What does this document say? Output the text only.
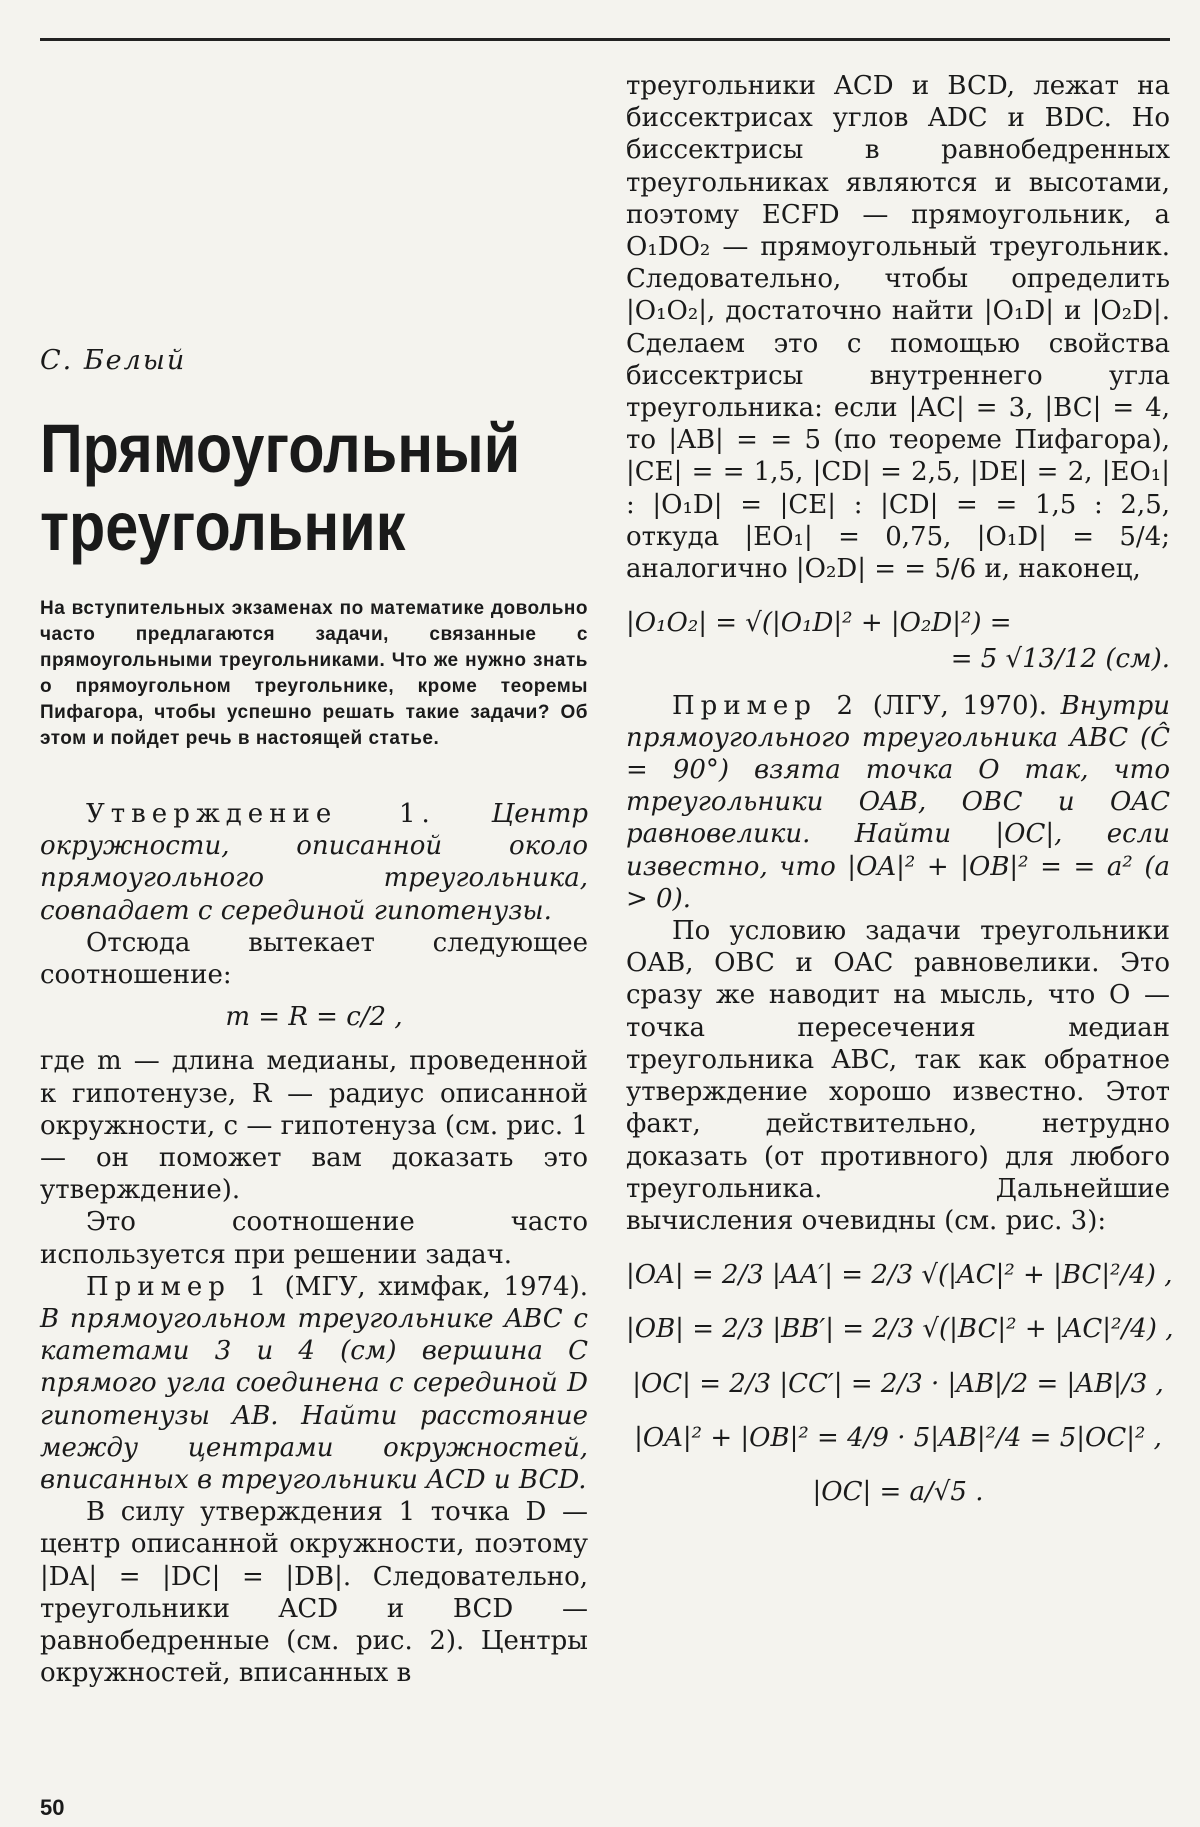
С. Белый
Прямоугольный
треугольник
На вступительных экзаменах по математике довольно часто предлагаются задачи, связанные с прямоугольными треугольниками. Что же нужно знать о прямоугольном треугольнике, кроме теоремы Пифагора, чтобы успешно решать такие задачи? Об этом и пойдет речь в настоящей статье.

Утверждение 1. Центр окружности, описанной около прямоугольного треугольника, совпадает с серединой гипотенузы.

Отсюда вытекает следующее соотношение:

m = R = c/2 ,

где m — длина медианы, проведенной к гипотенузе, R — радиус описанной окружности, c — гипотенуза (см. рис. 1 — он поможет вам доказать это утверждение).

Это соотношение часто используется при решении задач.

Пример 1 (МГУ, химфак, 1974). В прямоугольном треугольнике ABC с катетами 3 и 4 (см) вершина C прямого угла соединена с серединой D гипотенузы AB. Найти расстояние между центрами окружностей, вписанных в треугольники ACD и BCD.

В силу утверждения 1 точка D — центр описанной окружности, поэтому |DA| = |DC| = |DB|. Следовательно, треугольники ACD и BCD — равнобедренные (см. рис. 2). Центры окружностей, вписанных в

треугольники ACD и BCD, лежат на биссектрисах углов ADC и BDC. Но биссектрисы в равнобедренных треугольниках являются и высотами, поэтому ECFD — прямоугольник, а O₁DO₂ — прямоугольный треугольник. Следовательно, чтобы определить |O₁O₂|, достаточно найти |O₁D| и |O₂D|. Сделаем это с помощью свойства биссектрисы внутреннего угла треугольника: если |AC| = 3, |BC| = 4, то |AB| = = 5 (по теореме Пифагора), |CE| = = 1,5, |CD| = 2,5, |DE| = 2, |EO₁| : |O₁D| = |CE| : |CD| = = 1,5 : 2,5, откуда |EO₁| = 0,75, |O₁D| = 5/4; аналогично |O₂D| = = 5/6 и, наконец,

|O₁O₂| = √(|O₁D|² + |O₂D|²) =
= 5 √13/12 (см).

Пример 2 (ЛГУ, 1970). Внутри прямоугольного треугольника ABC (Ĉ = 90°) взята точка O так, что треугольники OAB, OBC и OAC равновелики. Найти |OC|, если известно, что |OA|² + |OB|² = = a² (a > 0).

По условию задачи треугольники OAB, OBC и OAC равновелики. Это сразу же наводит на мысль, что O — точка пересечения медиан треугольника ABC, так как обратное утверждение хорошо известно. Этот факт, действительно, нетрудно доказать (от противного) для любого треугольника. Дальнейшие вычисления очевидны (см. рис. 3):

|OA| = 2/3 |AA′| = 2/3 √(|AC|² + |BC|²/4) ,
|OB| = 2/3 |BB′| = 2/3 √(|BC|² + |AC|²/4) ,
|OC| = 2/3 |CC′| = 2/3 · |AB|/2 = |AB|/3 ,
|OA|² + |OB|² = 4/9 · 5|AB|²/4 = 5|OC|² ,
|OC| = a/√5 .
50
